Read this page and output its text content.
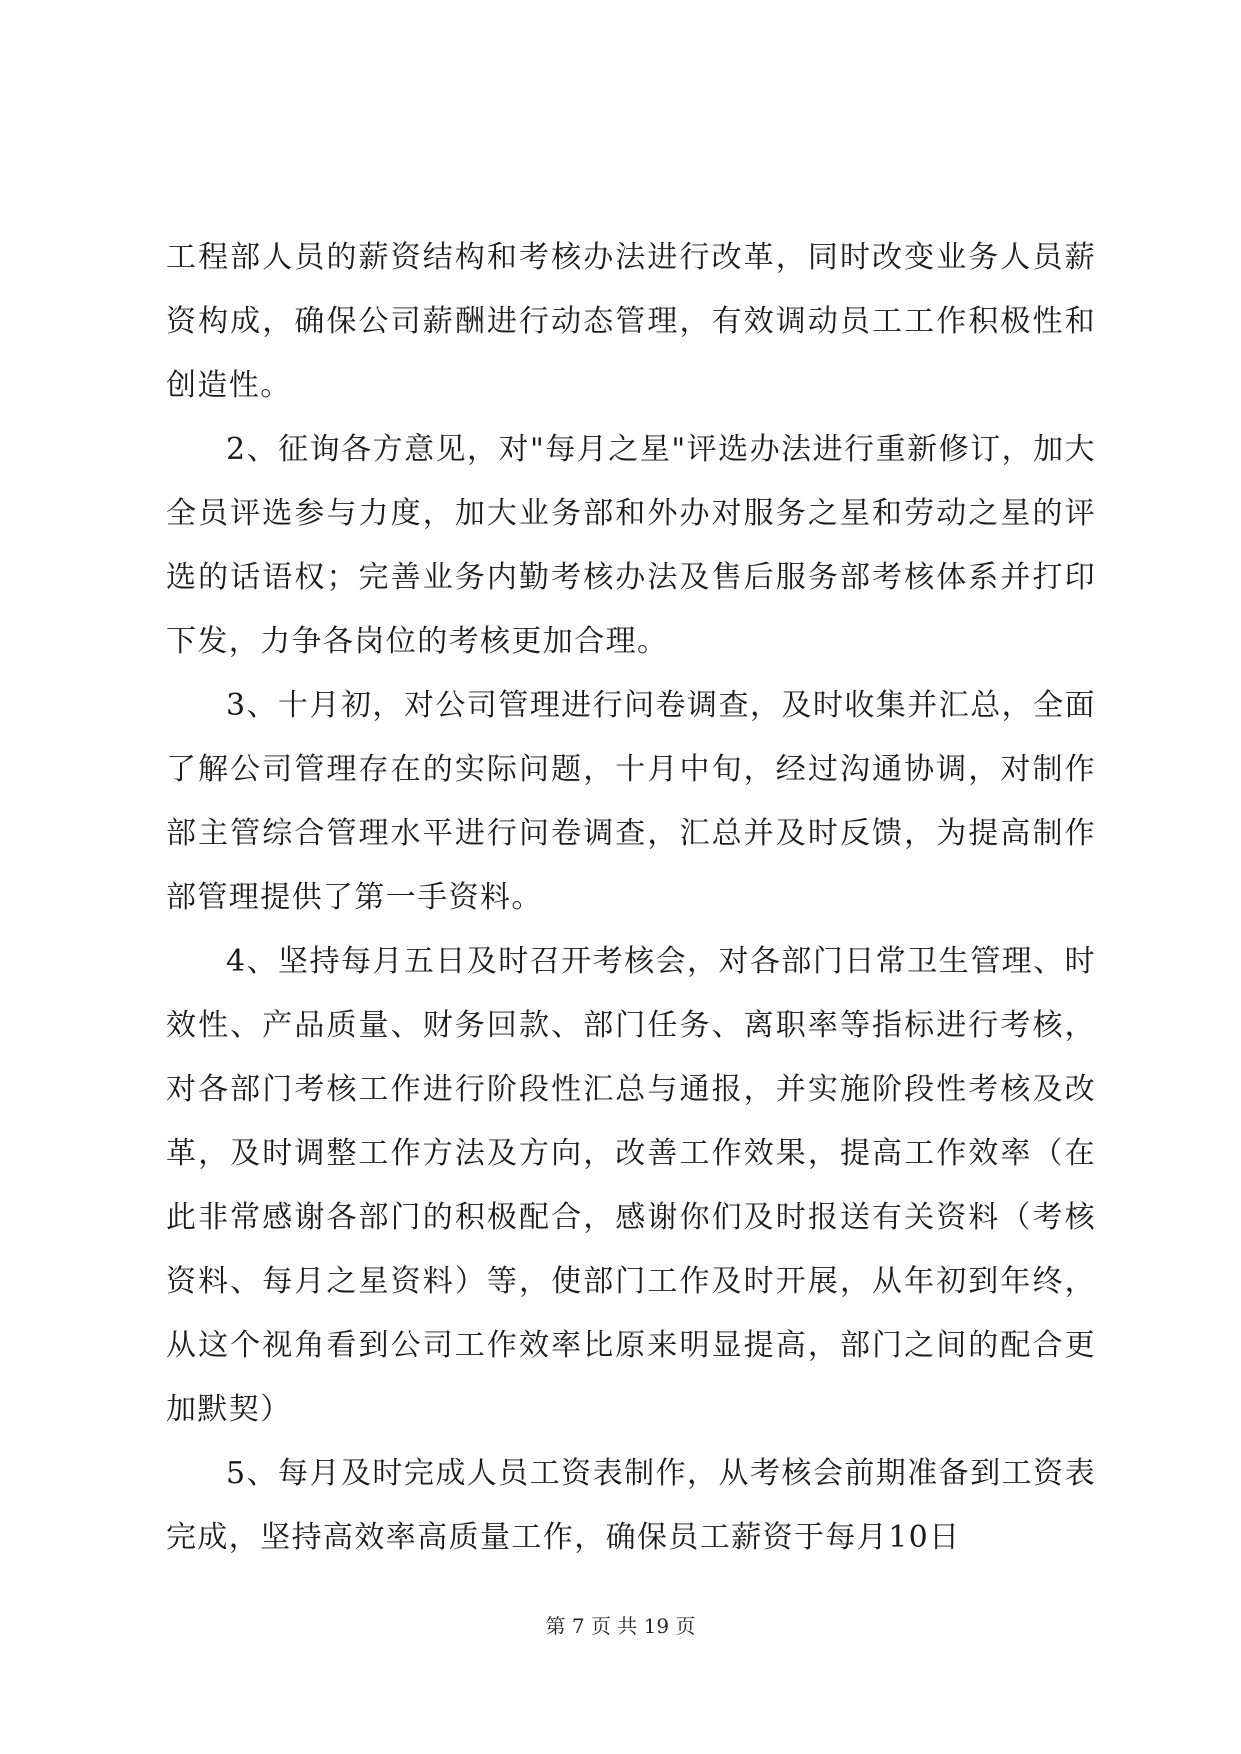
工程部人员的薪资结构和考核办法进行改革，同时改变业务人员薪资构成，确保公司薪酬进行动态管理，有效调动员工工作积极性和创造性。

2、征询各方意见，对"每月之星"评选办法进行重新修订，加大全员评选参与力度，加大业务部和外办对服务之星和劳动之星的评选的话语权；完善业务内勤考核办法及售后服务部考核体系并打印下发，力争各岗位的考核更加合理。

3、十月初，对公司管理进行问卷调查，及时收集并汇总，全面了解公司管理存在的实际问题，十月中旬，经过沟通协调，对制作部主管综合管理水平进行问卷调查，汇总并及时反馈，为提高制作部管理提供了第一手资料。

4、坚持每月五日及时召开考核会，对各部门日常卫生管理、时效性、产品质量、财务回款、部门任务、离职率等指标进行考核，对各部门考核工作进行阶段性汇总与通报，并实施阶段性考核及改革，及时调整工作方法及方向，改善工作效果，提高工作效率（在此非常感谢各部门的积极配合，感谢你们及时报送有关资料（考核资料、每月之星资料）等，使部门工作及时开展，从年初到年终，从这个视角看到公司工作效率比原来明显提高，部门之间的配合更加默契）

5、每月及时完成人员工资表制作，从考核会前期准备到工资表完成，坚持高效率高质量工作，确保员工薪资于每月10日

第 7 页 共 19 页
